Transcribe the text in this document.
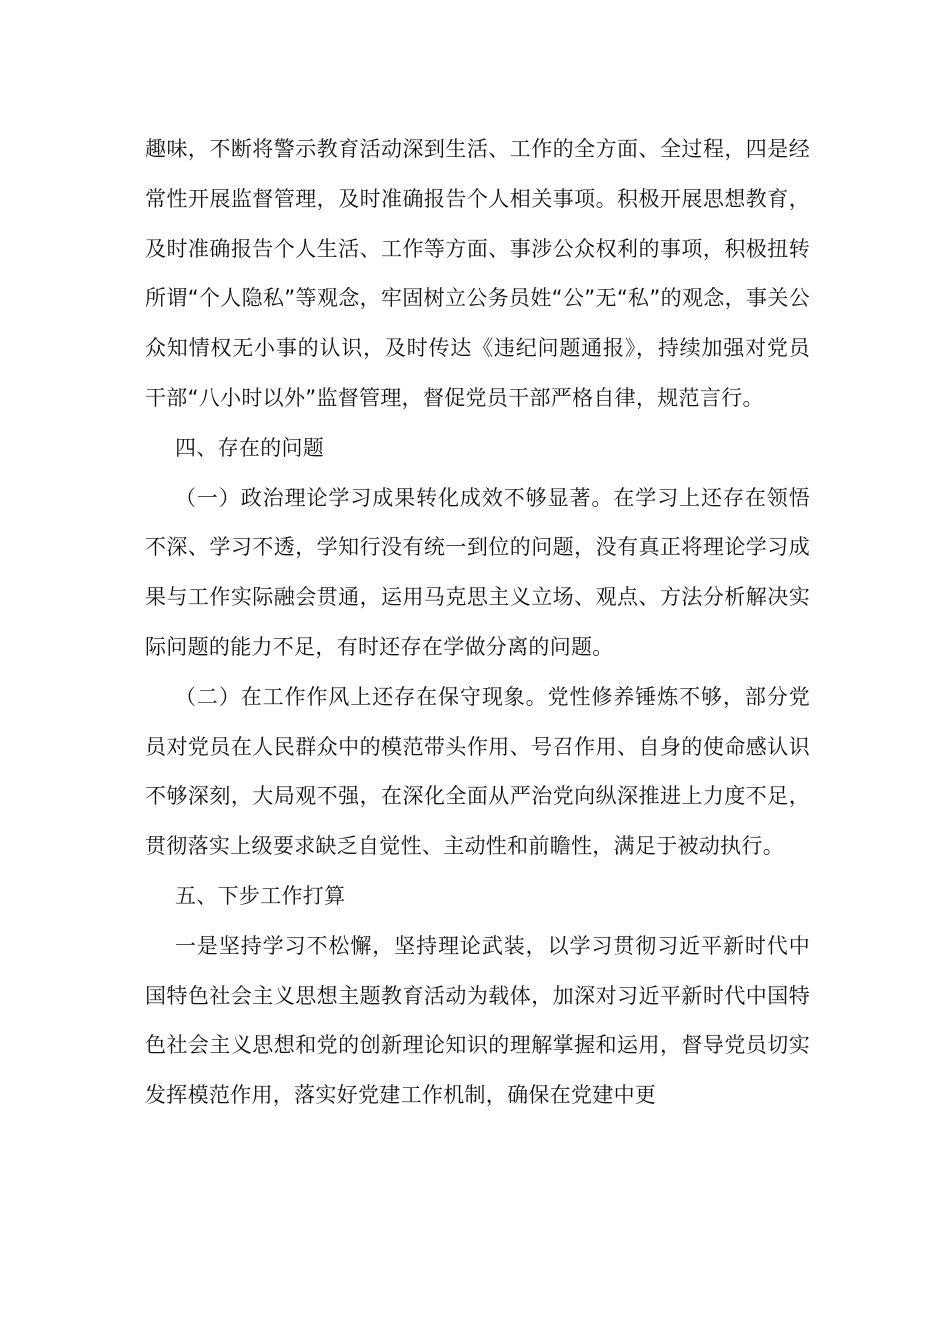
趣味，不断将警示教育活动深到生活、工作的全方面、全过程，四是经常性开展监督管理，及时准确报告个人相关事项。积极开展思想教育，及时准确报告个人生活、工作等方面、事涉公众权利的事项，积极扭转所谓“个人隐私”等观念，牢固树立公务员姓“公”无“私”的观念，事关公众知情权无小事的认识，及时传达《违纪问题通报》，持续加强对党员干部“八小时以外”监督管理，督促党员干部严格自律，规范言行。

四、存在的问题

（一）政治理论学习成果转化成效不够显著。在学习上还存在领悟不深、学习不透，学知行没有统一到位的问题，没有真正将理论学习成果与工作实际融会贯通，运用马克思主义立场、观点、方法分析解决实际问题的能力不足，有时还存在学做分离的问题。

（二）在工作作风上还存在保守现象。党性修养锤炼不够，部分党员对党员在人民群众中的模范带头作用、号召作用、自身的使命感认识不够深刻，大局观不强，在深化全面从严治党向纵深推进上力度不足，贯彻落实上级要求缺乏自觉性、主动性和前瞻性，满足于被动执行。

五、下步工作打算

一是坚持学习不松懈，坚持理论武装，以学习贯彻习近平新时代中国特色社会主义思想主题教育活动为载体，加深对习近平新时代中国特色社会主义思想和党的创新理论知识的理解掌握和运用，督导党员切实发挥模范作用，落实好党建工作机制，确保在党建中更
